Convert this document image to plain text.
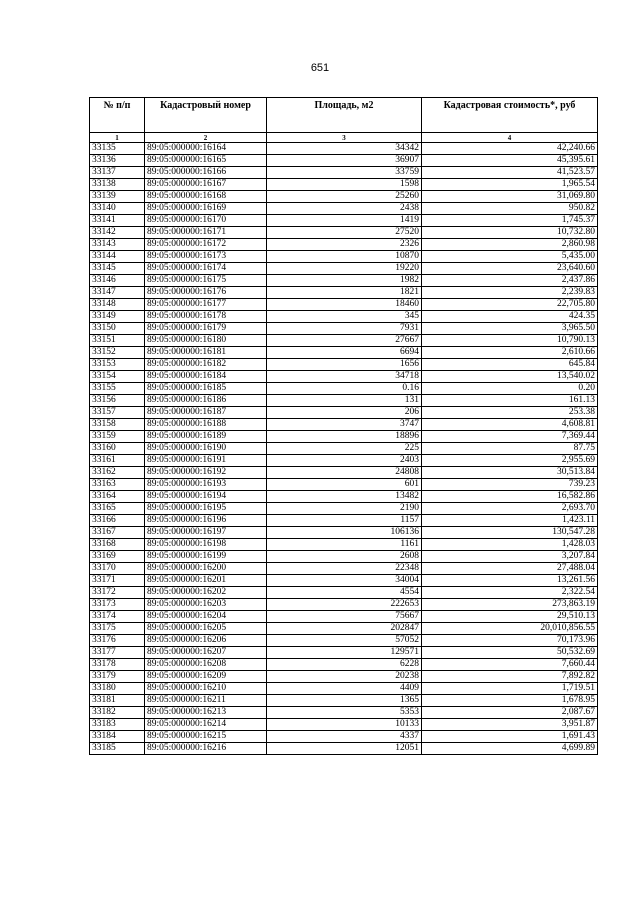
651
№ п/п	Кадастровый номер	Площадь, м2	Кадастровая стоимость*, руб
1	2	3	4
33135	89:05:000000:16164	34342	42,240.66
33136	89:05:000000:16165	36907	45,395.61
33137	89:05:000000:16166	33759	41,523.57
33138	89:05:000000:16167	1598	1,965.54
33139	89:05:000000:16168	25260	31,069.80
33140	89:05:000000:16169	2438	950.82
33141	89:05:000000:16170	1419	1,745.37
33142	89:05:000000:16171	27520	10,732.80
33143	89:05:000000:16172	2326	2,860.98
33144	89:05:000000:16173	10870	5,435.00
33145	89:05:000000:16174	19220	23,640.60
33146	89:05:000000:16175	1982	2,437.86
33147	89:05:000000:16176	1821	2,239.83
33148	89:05:000000:16177	18460	22,705.80
33149	89:05:000000:16178	345	424.35
33150	89:05:000000:16179	7931	3,965.50
33151	89:05:000000:16180	27667	10,790.13
33152	89:05:000000:16181	6694	2,610.66
33153	89:05:000000:16182	1656	645.84
33154	89:05:000000:16184	34718	13,540.02
33155	89:05:000000:16185	0.16	0.20
33156	89:05:000000:16186	131	161.13
33157	89:05:000000:16187	206	253.38
33158	89:05:000000:16188	3747	4,608.81
33159	89:05:000000:16189	18896	7,369.44
33160	89:05:000000:16190	225	87.75
33161	89:05:000000:16191	2403	2,955.69
33162	89:05:000000:16192	24808	30,513.84
33163	89:05:000000:16193	601	739.23
33164	89:05:000000:16194	13482	16,582.86
33165	89:05:000000:16195	2190	2,693.70
33166	89:05:000000:16196	1157	1,423.11
33167	89:05:000000:16197	106136	130,547.28
33168	89:05:000000:16198	1161	1,428.03
33169	89:05:000000:16199	2608	3,207.84
33170	89:05:000000:16200	22348	27,488.04
33171	89:05:000000:16201	34004	13,261.56
33172	89:05:000000:16202	4554	2,322.54
33173	89:05:000000:16203	222653	273,863.19
33174	89:05:000000:16204	75667	29,510.13
33175	89:05:000000:16205	202847	20,010,856.55
33176	89:05:000000:16206	57052	70,173.96
33177	89:05:000000:16207	129571	50,532.69
33178	89:05:000000:16208	6228	7,660.44
33179	89:05:000000:16209	20238	7,892.82
33180	89:05:000000:16210	4409	1,719.51
33181	89:05:000000:16211	1365	1,678.95
33182	89:05:000000:16213	5353	2,087.67
33183	89:05:000000:16214	10133	3,951.87
33184	89:05:000000:16215	4337	1,691.43
33185	89:05:000000:16216	12051	4,699.89
